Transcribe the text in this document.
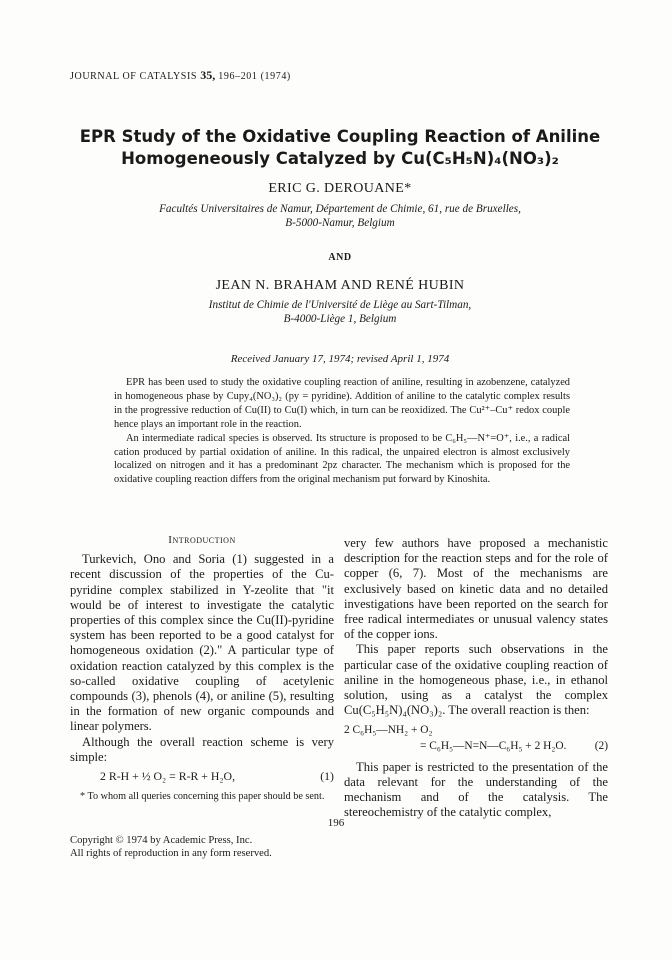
JOURNAL OF CATALYSIS 35, 196–201 (1974)
EPR Study of the Oxidative Coupling Reaction of Aniline
Homogeneously Catalyzed by Cu(C₅H₅N)₄(NO₃)₂
ERIC G. DEROUANE*
Facultés Universitaires de Namur, Département de Chimie, 61, rue de Bruxelles,
B-5000-Namur, Belgium
AND
JEAN N. BRAHAM AND RENÉ HUBIN
Institut de Chimie de l'Université de Liège au Sart-Tilman,
B-4000-Liège 1, Belgium
Received January 17, 1974; revised April 1, 1974

EPR has been used to study the oxidative coupling reaction of aniline, resulting in azobenzene, catalyzed in homogeneous phase by Cupy₄(NO₃)₂ (py = pyridine). Addition of aniline to the catalytic complex results in the progressive reduction of Cu(II) to Cu(I) which, in turn can be reoxidized. The Cu²⁺–Cu⁺ redox couple hence plays an important role in the reaction.

An intermediate radical species is observed. Its structure is proposed to be C₆H₅—N⁺=O⁺, i.e., a radical cation produced by partial oxidation of aniline. In this radical, the unpaired electron is almost exclusively localized on nitrogen and it has a predominant 2pz character. The mechanism which is proposed for the oxidative coupling reaction differs from the original mechanism put forward by Kinoshita.

Introduction

Turkevich, Ono and Soria (1) suggested in a recent discussion of the properties of the Cu-pyridine complex stabilized in Y-zeolite that "it would be of interest to investigate the catalytic properties of this complex since the Cu(II)-pyridine system has been reported to be a good catalyst for homogeneous oxidation (2)." A particular type of oxidation reaction catalyzed by this complex is the so-called oxidative coupling of acetylenic compounds (3), phenols (4), or aniline (5), resulting in the formation of new organic compounds and linear polymers.

Although the overall reaction scheme is very simple:

2 R-H + ½ O₂ = R-R + H₂O,	(1)
* To whom all queries concerning this paper should be sent.

very few authors have proposed a mechanistic description for the reaction steps and for the role of copper (6, 7). Most of the mechanisms are exclusively based on kinetic data and no detailed investigations have been reported on the search for free radical intermediates or unusual valency states of the copper ions.

This paper reports such observations in the particular case of the oxidative coupling reaction of aniline in the homogeneous phase, i.e., in ethanol solution, using as a catalyst the complex Cu(C₅H₅N)₄(NO₃)₂. The overall reaction is then:

2 C₆H₅—NH₂ + O₂
= C₆H₅—N=N—C₆H₅ + 2 H₂O. (2)

This paper is restricted to the presentation of the data relevant for the understanding of the mechanism and of the catalysis. The stereochemistry of the catalytic complex,

196
Copyright © 1974 by Academic Press, Inc.
All rights of reproduction in any form reserved.
